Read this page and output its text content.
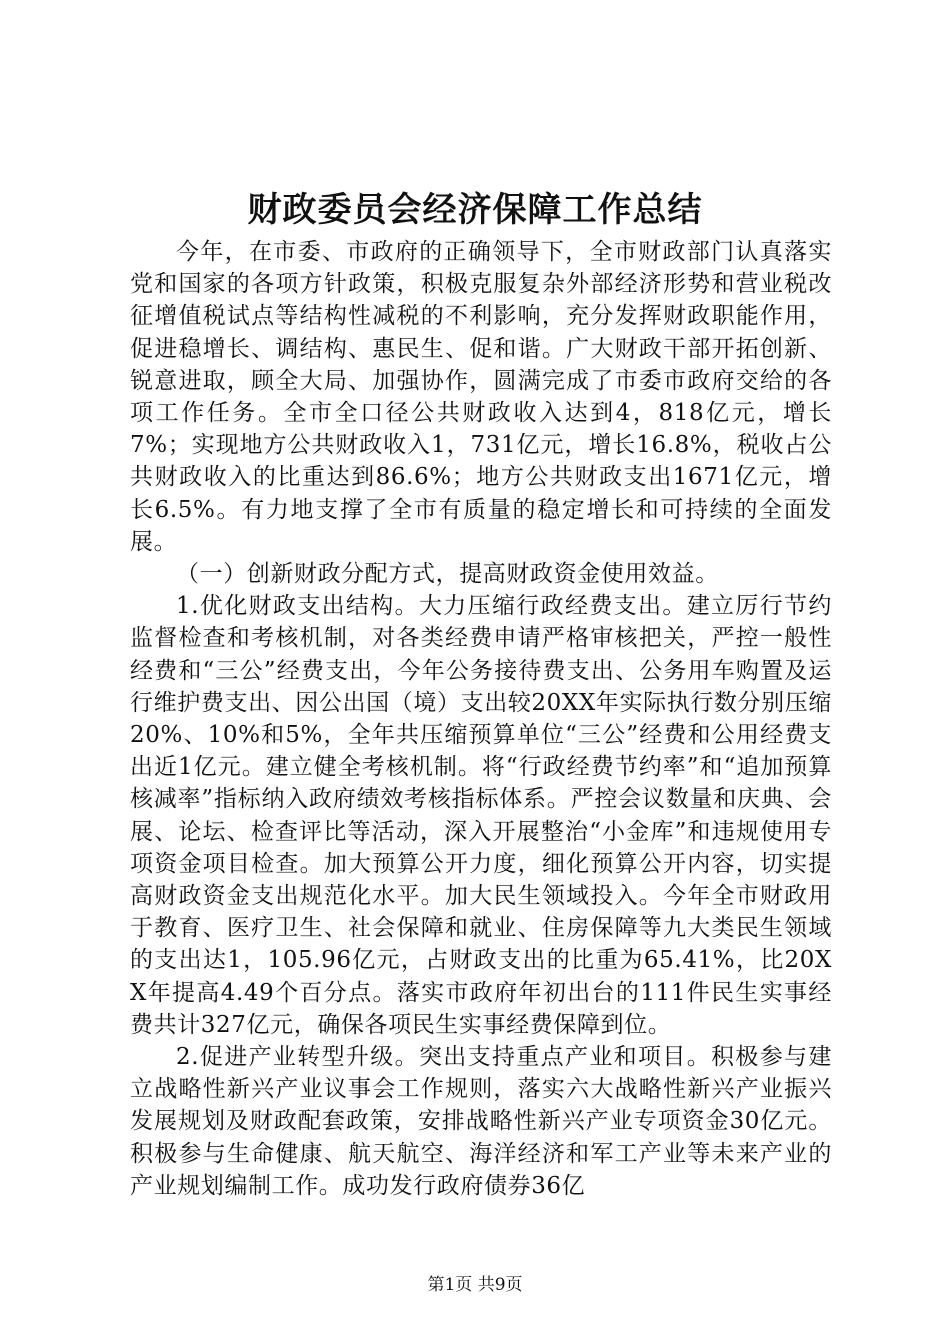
财政委员会经济保障工作总结

今年，在市委、市政府的正确领导下，全市财政部门认真落实党和国家的各项方针政策，积极克服复杂外部经济形势和营业税改征增值税试点等结构性减税的不利影响，充分发挥财政职能作用，促进稳增长、调结构、惠民生、促和谐。广大财政干部开拓创新、锐意进取，顾全大局、加强协作，圆满完成了市委市政府交给的各项工作任务。全市全口径公共财政收入达到4，818亿元，增长7%；实现地方公共财政收入1，731亿元，增长16.8%，税收占公共财政收入的比重达到86.6%；地方公共财政支出1671亿元，增长6.5%。有力地支撑了全市有质量的稳定增长和可持续的全面发展。

（一）创新财政分配方式，提高财政资金使用效益。

1.优化财政支出结构。大力压缩行政经费支出。建立厉行节约监督检查和考核机制，对各类经费申请严格审核把关，严控一般性经费和“三公”经费支出，今年公务接待费支出、公务用车购置及运行维护费支出、因公出国（境）支出较20XX年实际执行数分别压缩20%、10%和5%，全年共压缩预算单位“三公”经费和公用经费支出近1亿元。建立健全考核机制。将“行政经费节约率”和“追加预算核减率”指标纳入政府绩效考核指标体系。严控会议数量和庆典、会展、论坛、检查评比等活动，深入开展整治“小金库”和违规使用专项资金项目检查。加大预算公开力度，细化预算公开内容，切实提高财政资金支出规范化水平。加大民生领域投入。今年全市财政用于教育、医疗卫生、社会保障和就业、住房保障等九大类民生领域的支出达1，105.96亿元，占财政支出的比重为65.41%，比20XX年提高4.49个百分点。落实市政府年初出台的111件民生实事经费共计327亿元，确保各项民生实事经费保障到位。

2.促进产业转型升级。突出支持重点产业和项目。积极参与建立战略性新兴产业议事会工作规则，落实六大战略性新兴产业振兴发展规划及财政配套政策，安排战略性新兴产业专项资金30亿元。积极参与生命健康、航天航空、海洋经济和军工产业等未来产业的产业规划编制工作。成功发行政府债券36亿

第1页 共9页
